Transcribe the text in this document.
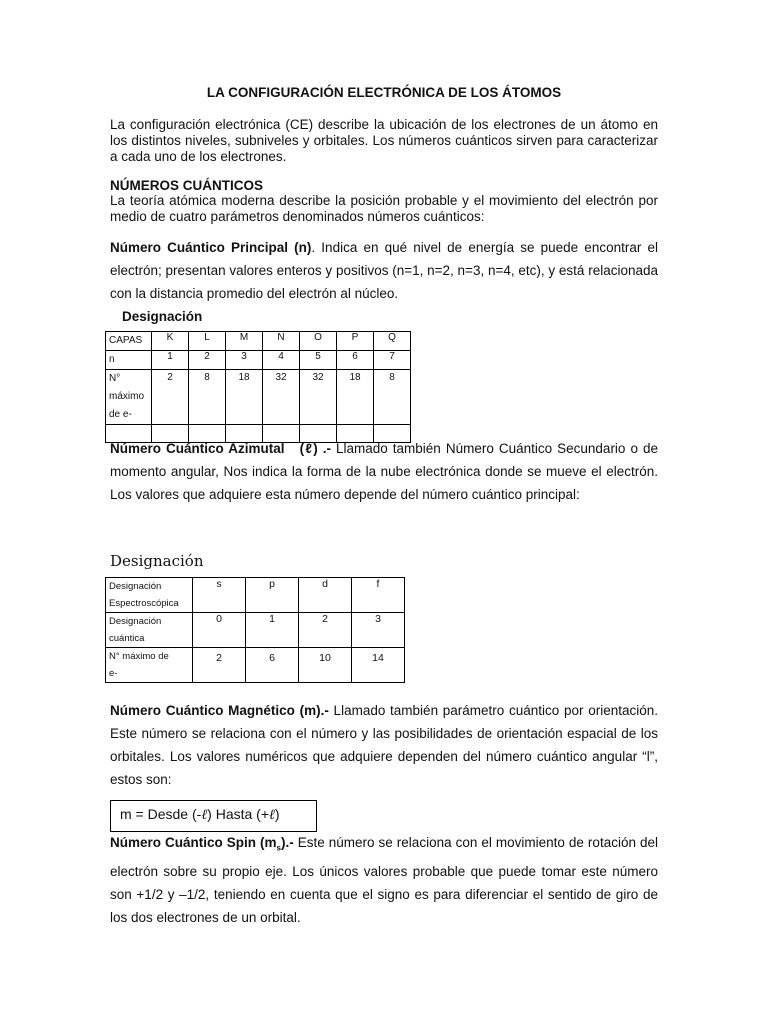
LA CONFIGURACIÓN ELECTRÓNICA DE LOS ÁTOMOS
La configuración electrónica (CE) describe la ubicación de los electrones de un átomo en los distintos niveles, subniveles y orbitales. Los números cuánticos sirven para caracterizar a cada uno de los electrones.
NÚMEROS CUÁNTICOS
La teoría atómica moderna describe la posición probable y el movimiento del electrón por medio de cuatro parámetros denominados números cuánticos:
Número Cuántico Principal (n). Indica en qué nivel de energía se puede encontrar el electrón; presentan valores enteros y positivos (n=1, n=2, n=3, n=4, etc), y está relacionada con la distancia promedio del electrón al núcleo.
Designación
CAPAS	K	L	M	N	O	P	Q
n	1	2	3	4	5	6	7

N°
máximo
de e-	2	8	18	32	32	18	8

Número Cuántico Azimutal (ℓ) .- Llamado también Número Cuántico Secundario o de momento angular, Nos indica la forma de la nube electrónica donde se mueve el electrón. Los valores que adquiere esta número depende del número cuántico principal:
Designación
Designación
Espectroscópica	s	p	d	f

Designación
cuántica	0	1	2	3

N° máximo de
e-	2	6	10	14
Número Cuántico Magnético (m).- Llamado también parámetro cuántico por orientación. Este número se relaciona con el número y las posibilidades de orientación espacial de los orbitales. Los valores numéricos que adquiere dependen del número cuántico angular “l”, estos son:
m = Desde (-ℓ) Hasta (+ℓ)
Número Cuántico Spin $(m_s).-$ Este número se relaciona con el movimiento de rotación del electrón sobre su propio eje. Los únicos valores probable que puede tomar este número son +1/2 y –1/2, teniendo en cuenta que el signo es para diferenciar el sentido de giro de los dos electrones de un orbital.
